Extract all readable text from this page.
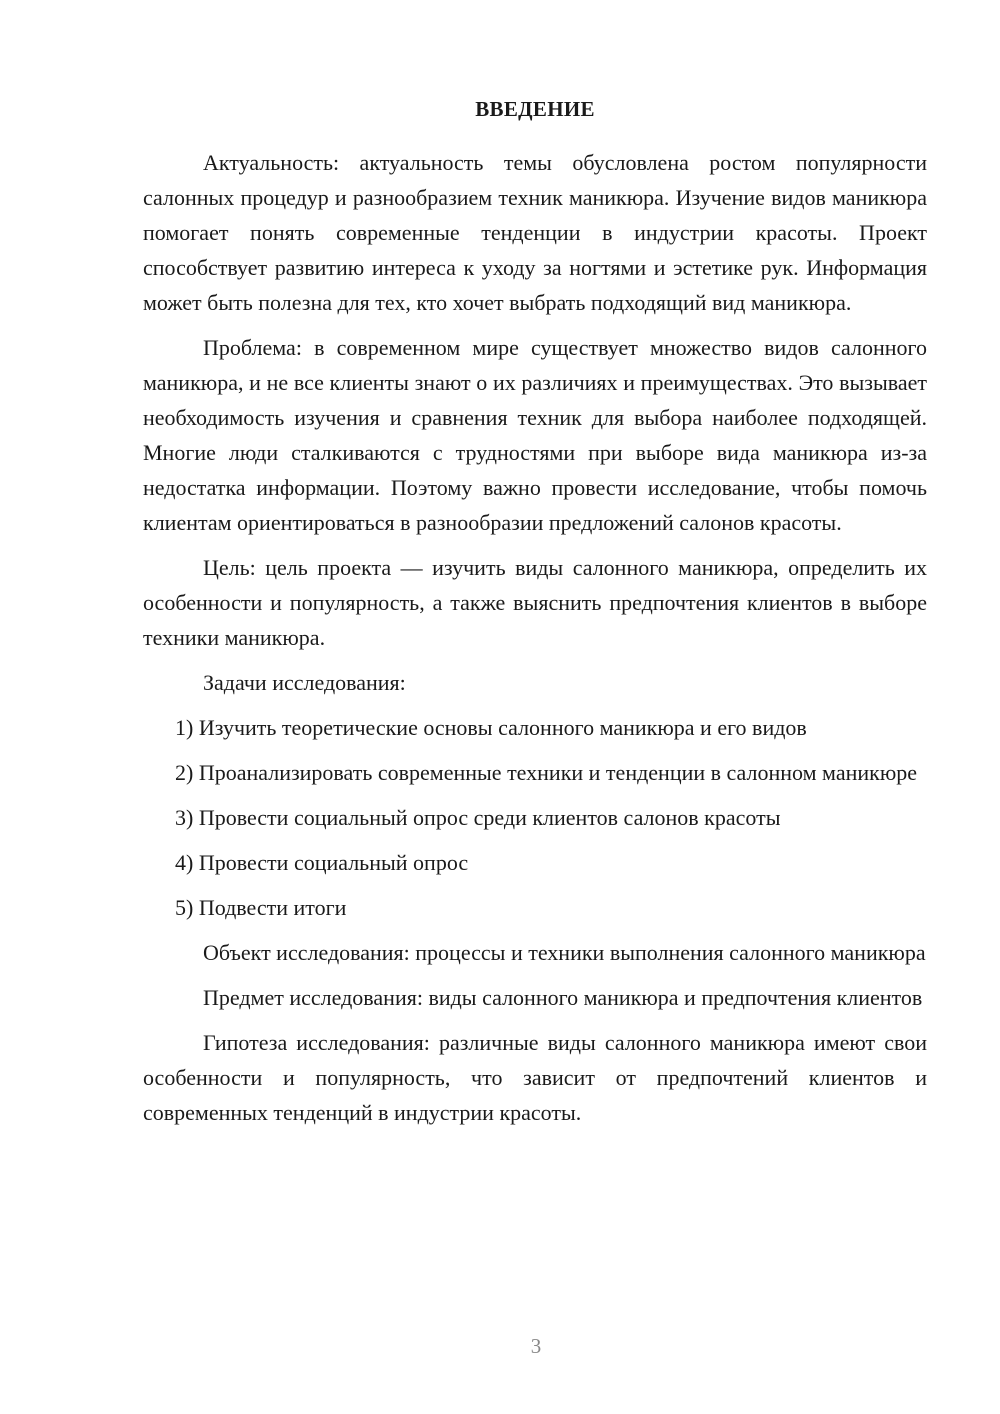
ВВЕДЕНИЕ

Актуальность: актуальность темы обусловлена ростом популярности салонных процедур и разнообразием техник маникюра. Изучение видов маникюра помогает понять современные тенденции в индустрии красоты. Проект способствует развитию интереса к уходу за ногтями и эстетике рук. Информация может быть полезна для тех, кто хочет выбрать подходящий вид маникюра.

Проблема: в современном мире существует множество видов салонного маникюра, и не все клиенты знают о их различиях и преимуществах. Это вызывает необходимость изучения и сравнения техник для выбора наиболее подходящей. Многие люди сталкиваются с трудностями при выборе вида маникюра из-за недостатка информации. Поэтому важно провести исследование, чтобы помочь клиентам ориентироваться в разнообразии предложений салонов красоты.

Цель: цель проекта — изучить виды салонного маникюра, определить их особенности и популярность, а также выяснить предпочтения клиентов в выборе техники маникюра.

Задачи исследования:

1) Изучить теоретические основы салонного маникюра и его видов

2) Проанализировать современные техники и тенденции в салонном маникюре

3) Провести социальный опрос среди клиентов салонов красоты

4) Провести социальный опрос

5) Подвести итоги

Объект исследования: процессы и техники выполнения салонного маникюра

Предмет исследования: виды салонного маникюра и предпочтения клиентов

Гипотеза исследования: различные виды салонного маникюра имеют свои особенности и популярность, что зависит от предпочтений клиентов и современных тенденций в индустрии красоты.

3
